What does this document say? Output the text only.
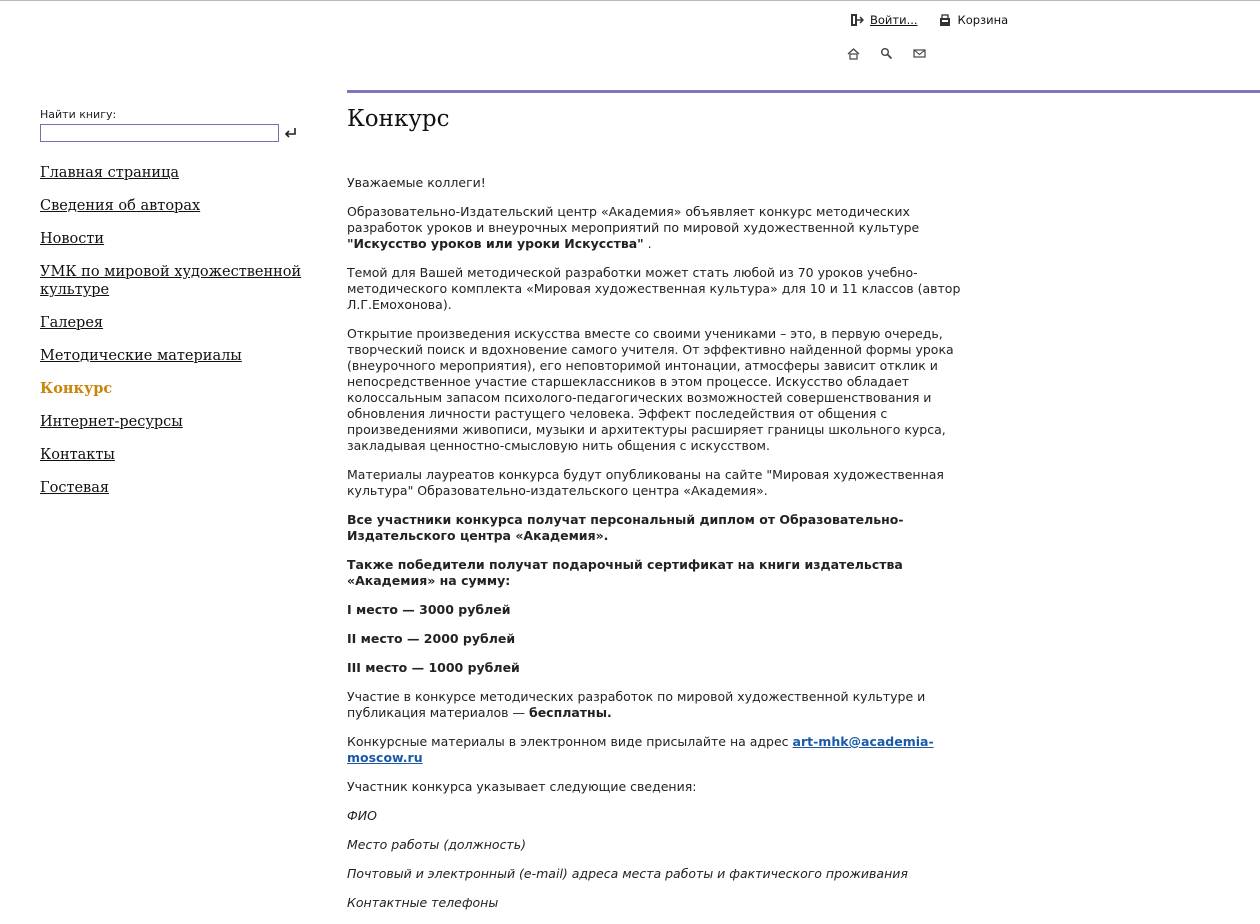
Войти...	Корзина
Найти книгу:
Главная страница
Сведения об авторах
Новости
УМК по мировой художественной культуре
Галерея
Методические материалы
Конкурс
Интернет-ресурсы
Контакты
Гостевая
Конкурс

Уважаемые коллеги!

Образовательно-Издательский центр «Академия» объявляет конкурс методических разработок уроков и внеурочных мероприятий по мировой художественной культуре "Искусство уроков или уроки Искусства" .

Темой для Вашей методической разработки может стать любой из 70 уроков учебно-методического комплекта «Мировая художественная культура» для 10 и 11 классов (автор Л.Г.Емохонова).

Открытие произведения искусства вместе со своими учениками – это, в первую очередь, творческий поиск и вдохновение самого учителя. От эффективно найденной формы урока (внеурочного мероприятия), его неповторимой интонации, атмосферы зависит отклик и непосредственное участие старшеклассников в этом процессе. Искусство обладает колоссальным запасом психолого-педагогических возможностей совершенствования и обновления личности растущего человека. Эффект последействия от общения с произведениями живописи, музыки и архитектуры расширяет границы школьного курса, закладывая ценностно-смысловую нить общения с искусством.

Материалы лауреатов конкурса будут опубликованы на сайте "Мировая художественная культура" Образовательно-издательского центра «Академия».

Все участники конкурса получат персональный диплом от Образовательно-Издательского центра «Академия».

Также победители получат подарочный сертификат на книги издательства «Академия» на сумму:

I место — 3000 рублей

II место — 2000 рублей

III место — 1000 рублей

Участие в конкурсе методических разработок по мировой художественной культуре и публикация материалов — бесплатны.

Конкурсные материалы в электронном виде присылайте на адрес art-mhk@academia-moscow.ru

Участник конкурса указывает следующие сведения:

ФИО

Место работы (должность)

Почтовый и электронный (e-mail) адреса места работы и фактического проживания

Контактные телефоны
